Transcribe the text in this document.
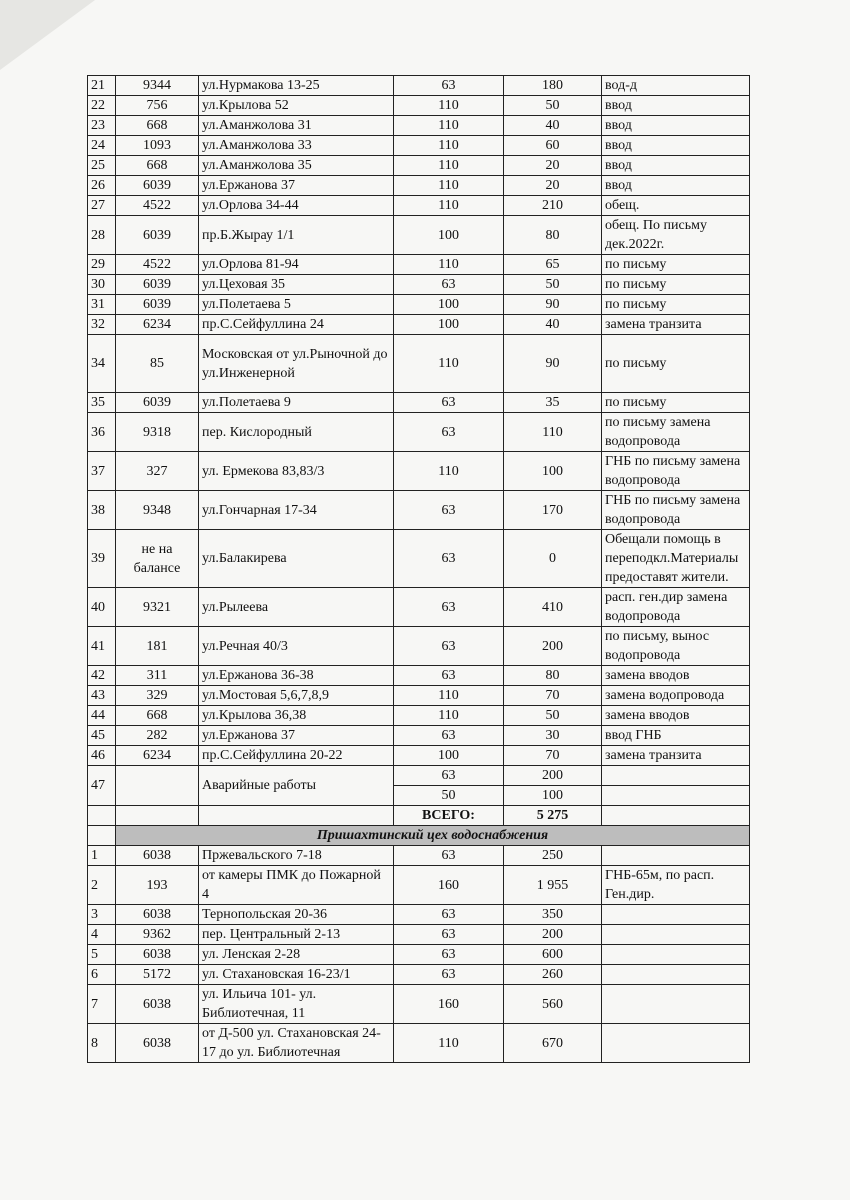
21	9344	ул.Нурмакова 13-25	63	180	вод-д
22	756	ул.Крылова 52	110	50	ввод
23	668	ул.Аманжолова 31	110	40	ввод
24	1093	ул.Аманжолова 33	110	60	ввод
25	668	ул.Аманжолова 35	110	20	ввод
26	6039	ул.Ержанова 37	110	20	ввод
27	4522	ул.Орлова 34-44	110	210	обещ.
28	6039	пр.Б.Жырау 1/1	100	80	обещ. По письму дек.2022г.
29	4522	ул.Орлова 81-94	110	65	по письму
30	6039	ул.Цеховая 35	63	50	по письму
31	6039	ул.Полетаева 5	100	90	по письму
32	6234	пр.С.Сейфуллина 24	100	40	замена транзита
34	85	Московская от ул.Рыночной до ул.Инженерной	110	90	по письму
35	6039	ул.Полетаева 9	63	35	по письму
36	9318	пер. Кислородный	63	110	по письму замена водопровода
37	327	ул. Ермекова 83,83/3	110	100	ГНБ по письму замена водопровода
38	9348	ул.Гончарная 17-34	63	170	ГНБ по письму замена водопровода
39	не на балансе	ул.Балакирева	63	0	Обещали помощь в переподкл.Материалы предоставят жители.
40	9321	ул.Рылеева	63	410	расп. ген.дир замена водопровода
41	181	ул.Речная 40/3	63	200	по письму, вынос водопровода
42	311	ул.Ержанова 36-38	63	80	замена вводов
43	329	ул.Мостовая 5,6,7,8,9	110	70	замена водопровода
44	668	ул.Крылова 36,38	110	50	замена вводов
45	282	ул.Ержанова 37	63	30	ввод ГНБ
46	6234	пр.С.Сейфуллина 20-22	100	70	замена транзита
47		Аварийные работы	63	200	
			50	100	
			ВСЕГО:	5 275	
	Пришахтинский цех водоснабжения				
1	6038	Пржевальского 7-18	63	250	
2	193	от камеры ПМК до Пожарной 4	160	1 955	ГНБ-65м, по расп. Ген.дир.
3	6038	Тернопольская 20-36	63	350	
4	9362	пер. Центральный 2-13	63	200	
5	6038	ул. Ленская 2-28	63	600	
6	5172	ул. Стахановская 16-23/1	63	260	
7	6038	ул. Ильича 101- ул. Библиотечная, 11	160	560	
8	6038	от Д-500 ул. Стахановская 24-17 до ул. Библиотечная	110	670	
